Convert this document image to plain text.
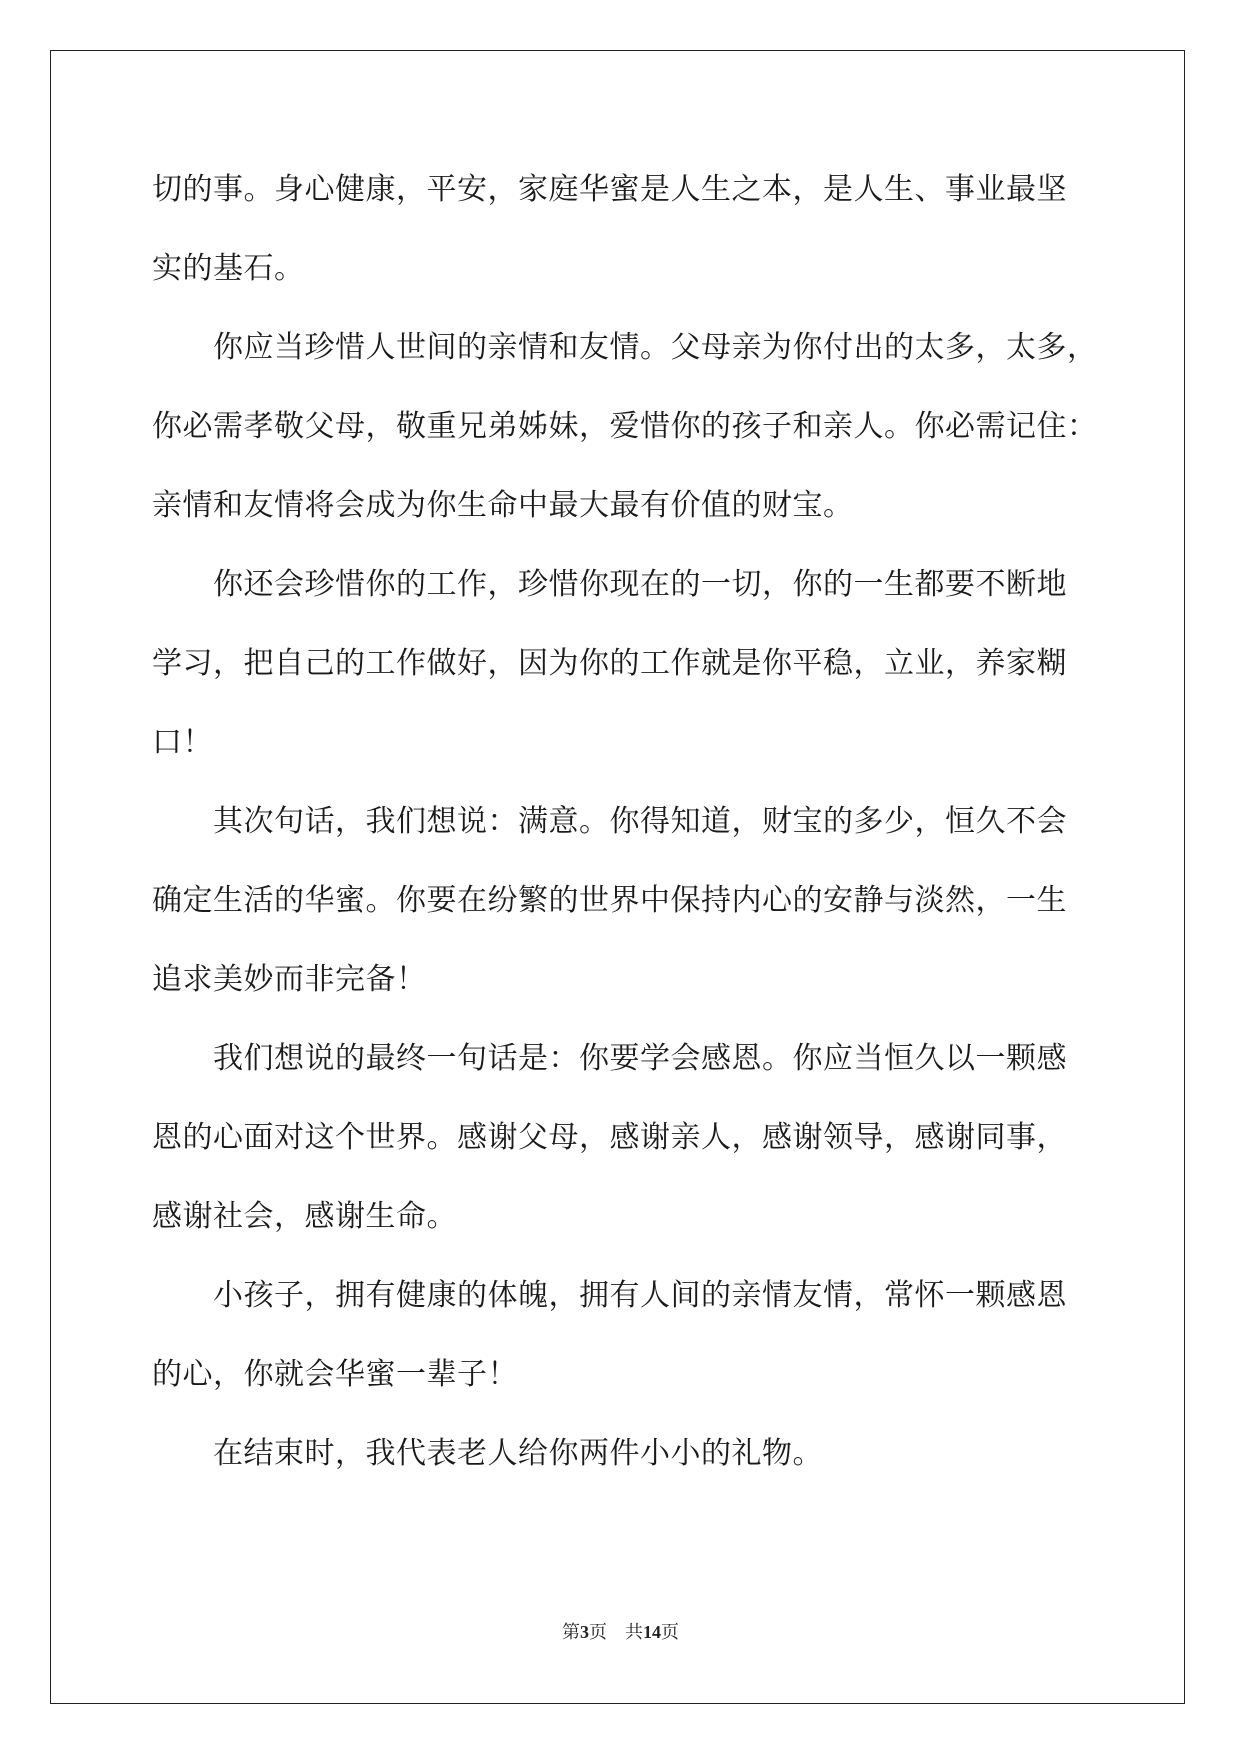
切的事。身心健康，平安，家庭华蜜是人生之本，是人生、事业最坚
实的基石。
你应当珍惜人世间的亲情和友情。父母亲为你付出的太多，太多，
你必需孝敬父母，敬重兄弟姊妹，爱惜你的孩子和亲人。你必需记住：
亲情和友情将会成为你生命中最大最有价值的财宝。
你还会珍惜你的工作，珍惜你现在的一切，你的一生都要不断地
学习，把自己的工作做好，因为你的工作就是你平稳，立业，养家糊
口！
其次句话，我们想说：满意。你得知道，财宝的多少，恒久不会
确定生活的华蜜。你要在纷繁的世界中保持内心的安静与淡然，一生
追求美妙而非完备！
我们想说的最终一句话是：你要学会感恩。你应当恒久以一颗感
恩的心面对这个世界。感谢父母，感谢亲人，感谢领导，感谢同事，
感谢社会，感谢生命。
小孩子，拥有健康的体魄，拥有人间的亲情友情，常怀一颗感恩
的心，你就会华蜜一辈子！
在结束时，我代表老人给你两件小小的礼物。
第3页 共14页
